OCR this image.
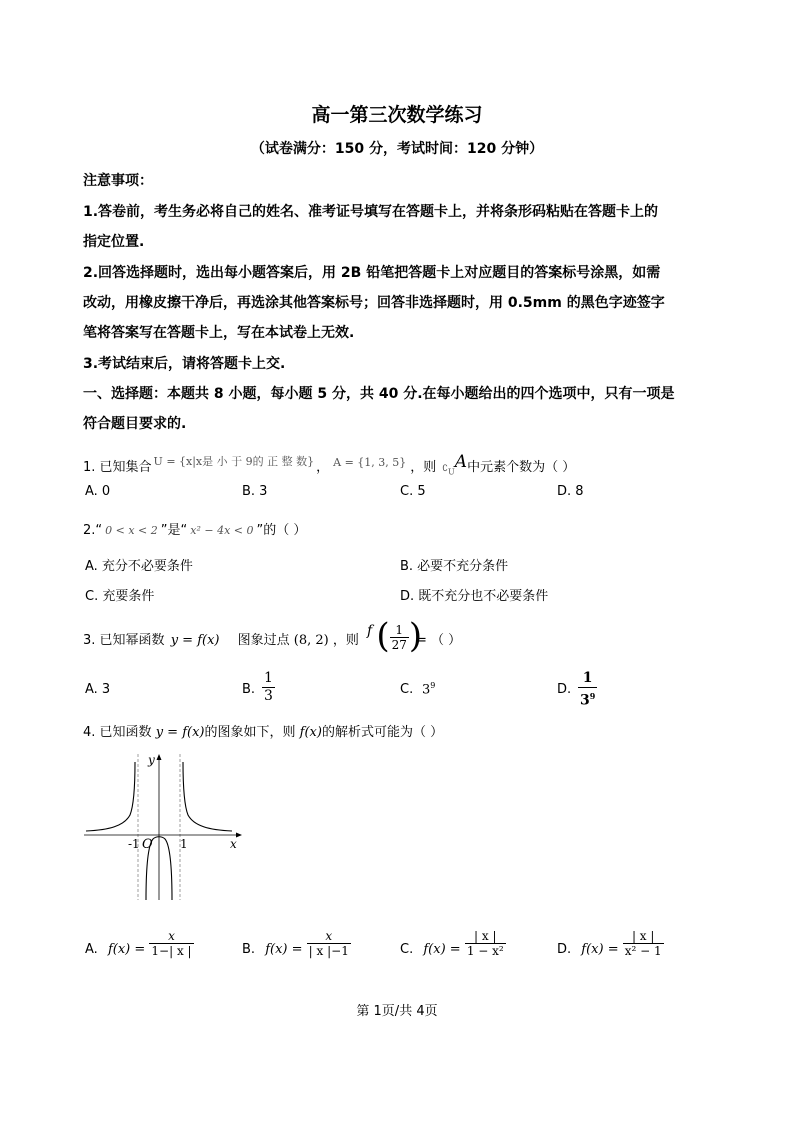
高一第三次数学练习
（试卷满分：150 分，考试时间：120 分钟）
注意事项：
1.答卷前，考生务必将自己的姓名、准考证号填写在答题卡上，并将条形码粘贴在答题卡上的
指定位置.
2.回答选择题时，选出每小题答案后，用 2B 铅笔把答题卡上对应题目的答案标号涂黑，如需
改动，用橡皮擦干净后，再选涂其他答案标号；回答非选择题时，用 0.5mm 的黑色字迹签字
笔将答案写在答题卡上，写在本试卷上无效.
3.考试结束后，请将答题卡上交.
一、选择题：本题共 8 小题，每小题 5 分，共 40 分.在每小题给出的四个选项中，只有一项是
符合题目要求的.
1. 已知集合 $^{U = \{x|x是 小 于 9的 正 整 数\}}$ ， $^{A = \{1, 3, 5\}}$ ，则 $∁_UA$中元素个数为（ ）
A. 0	B. 3	C. 5	D. 8
2.“ 0 < x < 2 ”是“ x² − 4x < 0 ”的（ ）
A. 充分不必要条件	B. 必要不充分条件
C. 充要条件	D. 既不充分也不必要条件
3. 已知幂函数 y = f(x) 图象过点 (8, 2) ，则
f ( $\frac{1}{27}$ )
= （ ）
A. 3	B. $\frac{1}{3}$	C. $3^9$	D. $\frac{1}{3^9}$
4. 已知函数 y = f(x)的图象如下，则 f(x)的解析式可能为（ ）
y
x
-1 O 1
A. $f(x) = \frac{x}{1-| x |}$	B. $f(x) = \frac{x}{| x |-1}$	C. $f(x) = \frac{| x |}{\text{1 − x²}}$	D. $f(x) = \frac{| x |}{\text{x² − 1}}$
第 1页/共 4页
